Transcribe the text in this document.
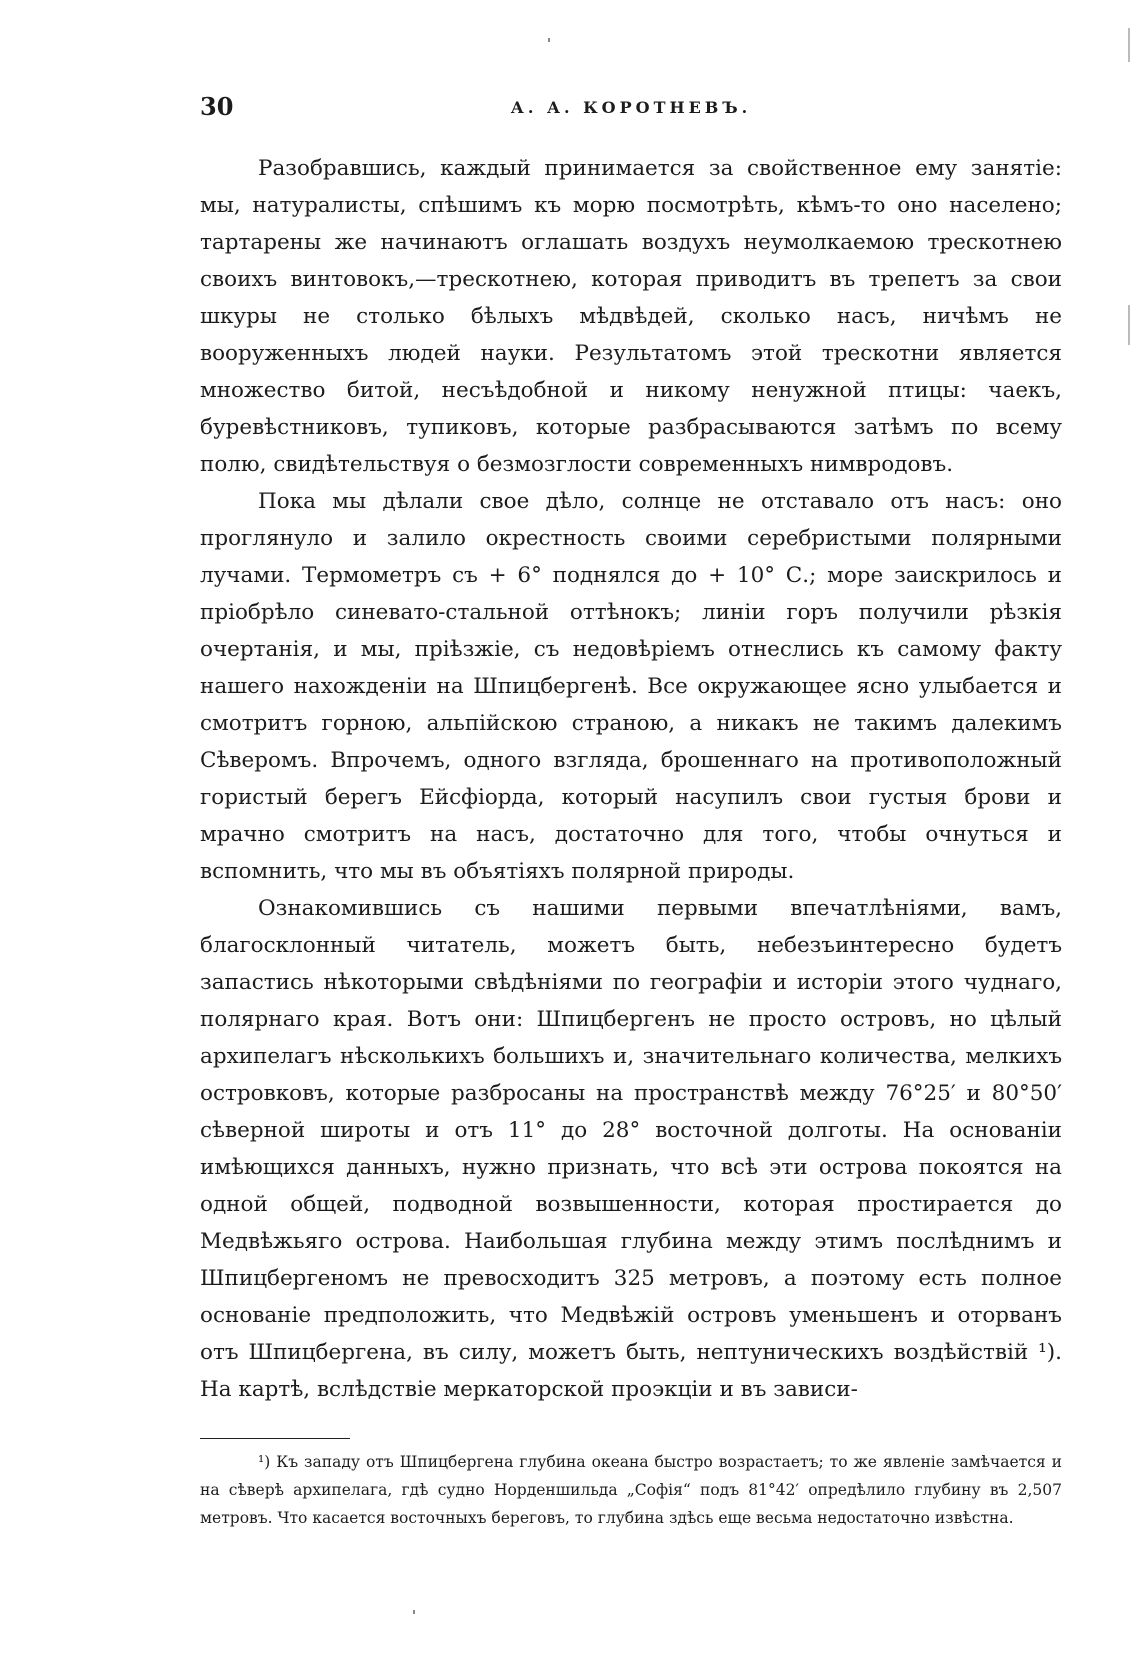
30	А. А. КОРОТНЕВЪ.

Разобравшись, каждый принимается за свойственное ему занятіе: мы, натуралисты, спѣшимъ къ морю посмотрѣть, кѣмъ-то оно населено; тартарены же начинаютъ оглашать воздухъ неумолкаемою трескотнею своихъ винтовокъ,—трескотнею, которая приводитъ въ трепетъ за свои шкуры не столько бѣлыхъ мѣдвѣдей, сколько насъ, ничѣмъ не вооруженныхъ людей науки. Результатомъ этой трескотни является множество битой, несъѣдобной и никому ненужной птицы: чаекъ, буревѣстниковъ, тупиковъ, которые разбрасываются затѣмъ по всему полю, свидѣтельствуя о безмозглости современныхъ нимвродовъ.

Пока мы дѣлали свое дѣло, солнце не отставало отъ насъ: оно проглянуло и залило окрестность своими серебристыми полярными лучами. Термометръ съ + 6° поднялся до + 10° С.; море заискрилось и пріобрѣло синевато-стальной оттѣнокъ; линіи горъ получили рѣзкія очертанія, и мы, пріѣзжіе, съ недовѣріемъ отнеслись къ самому факту нашего нахожденіи на Шпицбергенѣ. Все окружающее ясно улыбается и смотритъ горною, альпійскою страною, а никакъ не такимъ далекимъ Сѣверомъ. Впрочемъ, одного взгляда, брошеннаго на противоположный гористый берегъ Ейсфіорда, который насупилъ свои густыя брови и мрачно смотритъ на насъ, достаточно для того, чтобы очнуться и вспомнить, что мы въ объятіяхъ полярной природы.

Ознакомившись съ нашими первыми впечатлѣніями, вамъ, благосклонный читатель, можетъ быть, небезъинтересно будетъ запастись нѣкоторыми свѣдѣніями по географіи и исторіи этого чуднаго, полярнаго края. Вотъ они: Шпицбергенъ не просто островъ, но цѣлый архипелагъ нѣсколькихъ большихъ и, значительнаго количества, мелкихъ островковъ, которые разбросаны на пространствѣ между 76°25′ и 80°50′ сѣверной широты и отъ 11° до 28° восточной долготы. На основаніи имѣющихся данныхъ, нужно признать, что всѣ эти острова покоятся на одной общей, подводной возвышенности, которая простирается до Медвѣжьяго острова. Наибольшая глубина между этимъ послѣднимъ и Шпицбергеномъ не превосходитъ 325 метровъ, а поэтому есть полное основаніе предположить, что Медвѣжій островъ уменьшенъ и оторванъ отъ Шпицбергена, въ силу, можетъ быть, нептуническихъ воздѣйствій ¹). На картѣ, вслѣдствіе меркаторской проэкціи и въ зависи-

¹) Къ западу отъ Шпицбергена глубина океана быстро возрастаетъ; то же явленіе замѣчается и на сѣверѣ архипелага, гдѣ судно Норденшильда „Софія“ подъ 81°42′ опредѣлило глубину въ 2,507 метровъ. Что касается восточныхъ береговъ, то глубина здѣсь еще весьма недостаточно извѣстна.
